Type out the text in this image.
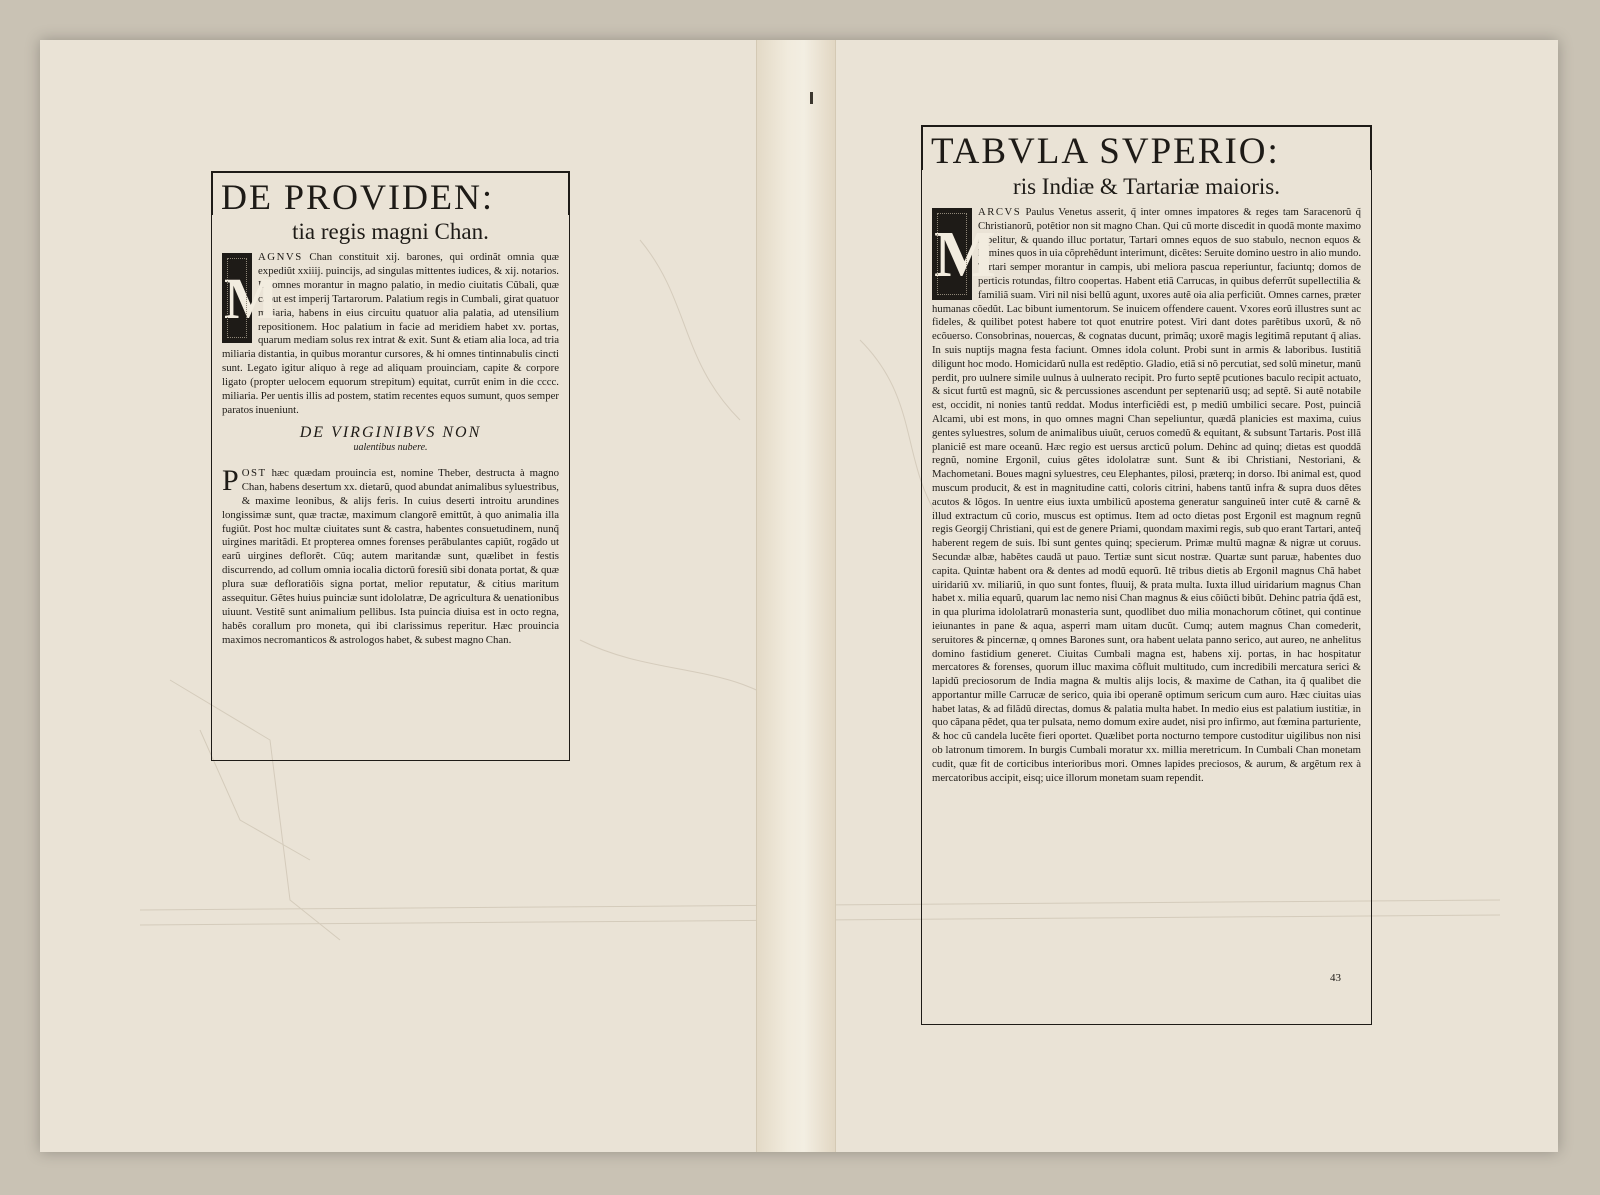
DE PROVIDEN:
tia regis magni Chan.
M
AGNVS Chan constituit xij. barones, qui ordinãt omnia quæ expediũt xxiiij. puincijs, ad singulas mittentes iudices, & xij. notarios. Hi omnes morantur in magno palatio, in medio ciuitatis Cũbali, quæ caput est imperij Tartarorum. Palatium regis in Cumbali, girat quatuor miliaria, habens in eius circuitu quatuor alia palatia, ad utensilium repositionem. Hoc palatium in facie ad meridiem habet xv. portas, quarum mediam solus rex intrat & exit. Sunt & etiam alia loca, ad tria miliaria distantia, in quibus morantur cursores, & hi omnes tintinnabulis cincti sunt. Legato igitur aliquo à rege ad aliquam prouinciam, capite & corpore ligato (propter uelocem equorum strepitum) equitat, currũt enim in die cccc. miliaria. Per uentis illis ad postem, statim recentes equos sumunt, quos semper paratos inueniunt.
DE VIRGINIBVS NON
ualentibus nubere.
P OST hæc quædam prouincia est, nomine Theber, destructa à magno Chan, habens desertum xx. dietarũ, quod abundat animalibus syluestribus, & maxime leonibus, & alijs feris. In cuius deserti introitu arundines longissimæ sunt, quæ tractæ, maximum clangorẽ emittũt, à quo animalia illa fugiũt. Post hoc multæ ciuitates sunt & castra, habentes consuetudinem, nunq̃ uirgines maritãdi. Et propterea omnes forenses perãbulantes capiũt, rogãdo ut earũ uirgines deflorẽt. Cũq; autem maritandæ sunt, quælibet in festis discurrendo, ad collum omnia iocalia dictorũ foresiũ sibi donata portat, & quæ plura suæ defloratiõis signa portat, melior reputatur, & citius maritum assequitur. Gẽtes huius puinciæ sunt idololatræ, De agricultura & uenationibus uiuunt. Vestitẽ sunt animalium pellibus. Ista puincia diuisa est in octo regna, habẽs corallum pro moneta, qui ibi clarissimus reperitur. Hæc prouincia maximos necromanticos & astrologos habet, & subest magno Chan.
TABVLA SVPERIO:
ris Indiæ & Tartariæ maioris.
M
ARCVS Paulus Venetus asserit, q̃ inter omnes impatores & reges tam Saracenorũ q̃ Christianorũ, potẽtior non sit magno Chan. Qui cũ morte discedit in quodã monte maximo sepelitur, & quando illuc portatur, Tartari omnes equos de suo stabulo, necnon equos & homines quos in uia cõprehẽdunt interimunt, dicẽtes: Seruite domino uestro in alio mundo. Tartari semper morantur in campis, ubi meliora pascua reperiuntur, faciuntq; domos de perticis rotundas, filtro coopertas. Habent etiã Carrucas, in quibus deferrũt supellectilia & familiã suam. Viri nil nisi bellũ agunt, uxores autẽ oia alia perficiũt. Omnes carnes, præter humanas cõedũt. Lac bibunt iumentorum. Se inuicem offendere cauent. Vxores eorũ illustres sunt ac fideles, & quilibet potest habere tot quot enutrire potest. Viri dant dotes parẽtibus uxorũ, & nõ ecõuerso. Consobrinas, nouercas, & cognatas ducunt, primãq; uxorẽ magis legitimã reputant q̃ alias. In suis nuptijs magna festa faciunt. Omnes idola colunt. Probi sunt in armis & laboribus. Iustitiã diligunt hoc modo. Homicidarũ nulla est redẽptio. Gladio, etiã si nõ percutiat, sed solũ minetur, manũ perdit, pro uulnere simile uulnus à uulnerato recipit. Pro furto septẽ pcutiones baculo recipit actuato, & sicut furtũ est magnũ, sic & percussiones ascendunt per septenariũ usq; ad septẽ. Si autẽ notabile est, occidit, ni nonies tantũ reddat. Modus interficiẽdi est, p mediũ umbilici secare. Post, puinciã Alcami, ubi est mons, in quo omnes magni Chan sepeliuntur, quædã planicies est maxima, cuius gentes syluestres, solum de animalibus uiuũt, ceruos comedũ & equitant, & subsunt Tartaris. Post illã planiciẽ est mare oceanũ. Hæc regio est uersus arcticũ polum. Dehinc ad quinq; dietas est quoddã regnũ, nomine Ergonil, cuius gẽtes idololatræ sunt. Sunt & ibi Christiani, Nestoriani, & Machometani. Boues magni syluestres, ceu Elephantes, pilosi, præterq; in dorso. Ibi animal est, quod muscum producit, & est in magnitudine catti, coloris citrini, habens tantũ infra & supra duos dẽtes acutos & lõgos. In uentre eius iuxta umbilicũ apostema generatur sanguineũ inter cutẽ & carnẽ & illud extractum cũ corio, muscus est optimus. Item ad octo dietas post Ergonil est magnum regnũ regis Georgij Christiani, qui est de genere Priami, quondam maximi regis, sub quo erant Tartari, anteq̃ haberent regem de suis. Ibi sunt gentes quinq; specierum. Primæ multũ magnæ & nigræ ut coruus. Secundæ albæ, habẽtes caudã ut pauo. Tertiæ sunt sicut nostræ. Quartæ sunt paruæ, habentes duo capita. Quintæ habent ora & dentes ad modũ equorũ. Itẽ tribus dietis ab Ergonil magnus Chã habet uiridariũ xv. miliariũ, in quo sunt fontes, fluuij, & prata multa. Iuxta illud uiridarium magnus Chan habet x. milia equarũ, quarum lac nemo nisi Chan magnus & eius cõiũcti bibũt. Dehinc patria q̃dã est, in qua plurima idololatrarũ monasteria sunt, quodlibet duo milia monachorum cõtinet, qui continue ieiunantes in pane & aqua, asperri mam uitam ducũt. Cumq; autem magnus Chan comederit, seruitores & pincernæ, q omnes Barones sunt, ora habent uelata panno serico, aut aureo, ne anhelitus domino fastidium generet. Ciuitas Cumbali magna est, habens xij. portas, in hac hospitatur mercatores & forenses, quorum illuc maxima cõfluit multitudo, cum incredibili mercatura serici & lapidũ preciosorum de India magna & multis alijs locis, & maxime de Cathan, ita q̃ qualibet die apportantur mille Carrucæ de serico, quia ibi operanẽ optimum sericum cum auro. Hæc ciuitas uias habet latas, & ad filãdũ directas, domus & palatia multa habet. In medio eius est palatium iustitiæ, in quo cãpana pẽdet, qua ter pulsata, nemo domum exire audet, nisi pro infirmo, aut fœmina parturiente, & hoc cũ candela lucẽte fieri oportet. Quælibet porta nocturno tempore custoditur uigilibus non nisi ob latronum timorem. In burgis Cumbali moratur xx. millia meretricum. In Cumbali Chan monetam cudit, quæ fit de corticibus interioribus mori. Omnes lapides preciosos, & aurum, & argẽtum rex à mercatoribus accipit, eisq; uice illorum monetam suam rependit.
43
